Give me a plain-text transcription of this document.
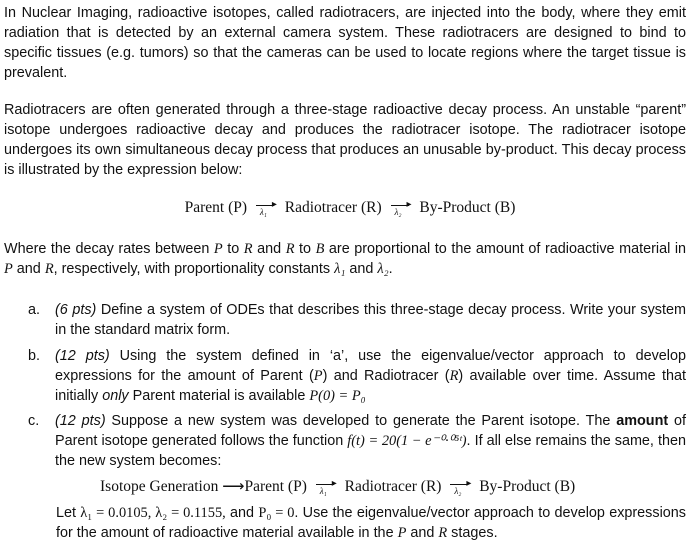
In Nuclear Imaging, radioactive isotopes, called radiotracers, are injected into the body, where they emit radiation that is detected by an external camera system. These radiotracers are designed to bind to specific tissues (e.g. tumors) so that the cameras can be used to locate regions where the target tissue is prevalent.
Radiotracers are often generated through a three-stage radioactive decay process. An unstable “parent” isotope undergoes radioactive decay and produces the radiotracer isotope. The radiotracer isotope undergoes its own simultaneous decay process that produces an unusable by-product. This decay process is illustrated by the expression below:
Parent (P) ▸
λ₁ Radiotracer (R) ▸
λ₂ By-Product (B)
Where the decay rates between P to R and R to B are proportional to the amount of radioactive material in P and R, respectively, with proportionality constants λ₁ and λ₂.
a.	(6 pts) Define a system of ODEs that describes this three-stage decay process. Write your system in the standard matrix form.
b.	(12 pts) Using the system defined in ‘a’, use the eigenvalue/vector approach to develop expressions for the amount of Parent (P) and Radiotracer (R) available over time. Assume that initially only Parent material is available P(0) = P₀
c.	(12 pts) Suppose a new system was developed to generate the Parent isotope. The amount of Parent isotope generated follows the function f(t) = 20(1 − e⁻⁰·⁰⁵ᵗ). If all else remains the same, then the new system becomes:
Isotope Generation ⟶Parent (P) ▸
λ₁ Radiotracer (R) ▸
λ₂ By-Product (B)
Let λ₁ = 0.0105, λ₂ = 0.1155, and P₀ = 0. Use the eigenvalue/vector approach to develop expressions for the amount of radioactive material available in the P and R stages.
